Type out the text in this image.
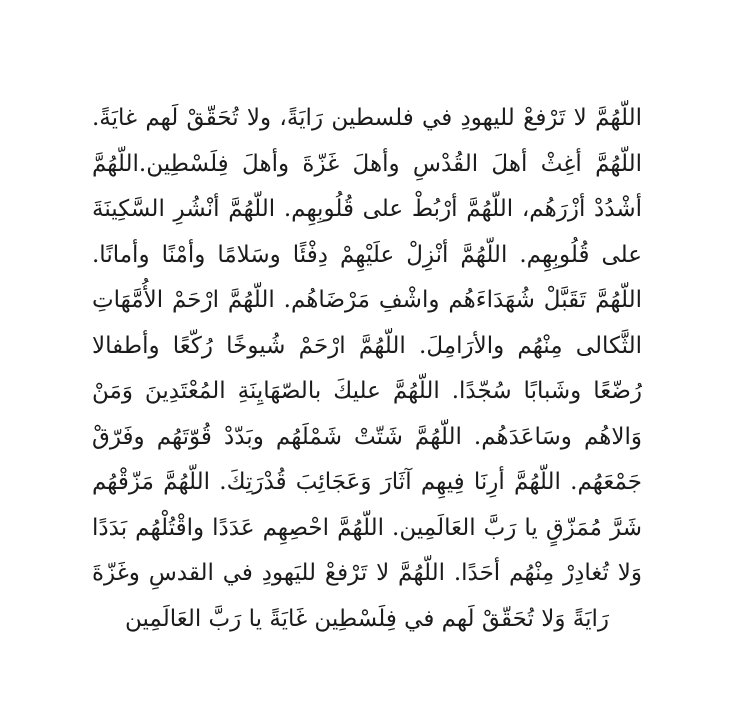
اللّهُمَّ لا تَرْفعْ لليهودِ في فلسطين رَايَةً، ولا تُحَقّقْ لَهم غايَةً.
اللّهُمَّ أغِثْ أهلَ القُدْسِ وأهلَ غَزّةَ وأهلَ فِلَسْطِين.اللّهُمَّ
أشْدُدْ أزْرَهُم، اللّهُمَّ أرْبُطْ على قُلُوبِهِم. اللّهُمَّ أنْشُرِ السَّكِينَةَ
على قُلُوبِهِم. اللّهُمَّ أنْزِلْ علَيْهِمْ دِفْئًا وسَلامًا وأمْنًا وأمانًا.
اللّهُمَّ تَقَبَّلْ شُهَدَاءَهُم واشْفِ مَرْضَاهُم. اللّهُمَّ ارْحَمْ الأُمَّهَاتِ
الثَّكالى مِنْهُم والأرَامِلَ. اللّهُمَّ ارْحَمْ شُيوخًا رُكّعًا وأطفالا
رُضّعًا وشَبابًا سُجّدًا. اللّهُمَّ عليكَ بالصّهَايِنَةِ المُعْتَدِينَ وَمَنْ
وَالاهُم وسَاعَدَهُم. اللّهُمَّ شَتّتْ شَمْلَهُم وبَدّدْ قُوّتَهُم وفَرّقْ
جَمْعَهُم. اللّهُمَّ أرِنَا فِيهِم آثَارَ وَعَجَائِبَ قُدْرَتِكَ. اللّهُمَّ مَزّقْهُم
شَرَّ مُمَزّقٍ يا رَبَّ العَالَمِين. اللّهُمَّ احْصِهِم عَدَدًا واقْتُلْهُم بَدَدًا
وَلا تُغادِرْ مِنْهُم أحَدًا. اللّهُمَّ لا تَرْفعْ لليَهودِ في القدسِ وغَزّةَ
رَايَةً وَلا تُحَقّقْ لَهم في فِلَسْطِين غَايَةً يا رَبَّ العَالَمِين
